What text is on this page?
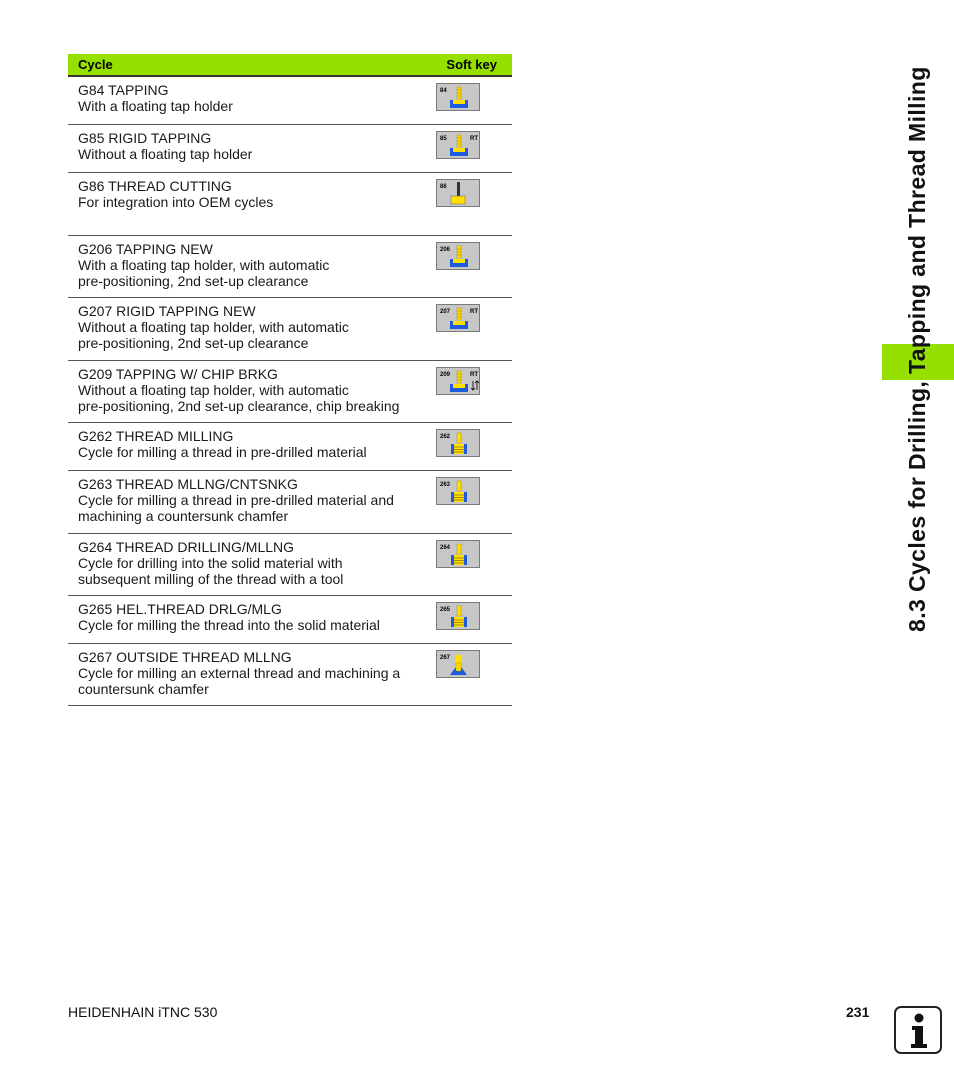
8.3 Cycles for Drilling, Tapping and Thread Milling
Cycle	Soft key

G84 TAPPING
With a floating tap holder	84

G85 RIGID TAPPING
Without a floating tap holder	85 RT

G86 THREAD CUTTING
For integration into OEM cycles	86

G206 TAPPING NEW
With a floating tap holder, with automatic
pre-positioning, 2nd set-up clearance	206

G207 RIGID TAPPING NEW
Without a floating tap holder, with automatic
pre-positioning, 2nd set-up clearance	207 RT

G209 TAPPING W/ CHIP BRKG
Without a floating tap holder, with automatic
pre-positioning, 2nd set-up clearance, chip breaking	209 RT

G262 THREAD MILLING
Cycle for milling a thread in pre-drilled material	262

G263 THREAD MLLNG/CNTSNKG
Cycle for milling a thread in pre-drilled material and
machining a countersunk chamfer	263

G264 THREAD DRILLING/MLLNG
Cycle for drilling into the solid material with
subsequent milling of the thread with a tool	264

G265 HEL.THREAD DRLG/MLG
Cycle for milling the thread into the solid material	265

G267 OUTSIDE THREAD MLLNG
Cycle for milling an external thread and machining a
countersunk chamfer	267
HEIDENHAIN iTNC 530	231
